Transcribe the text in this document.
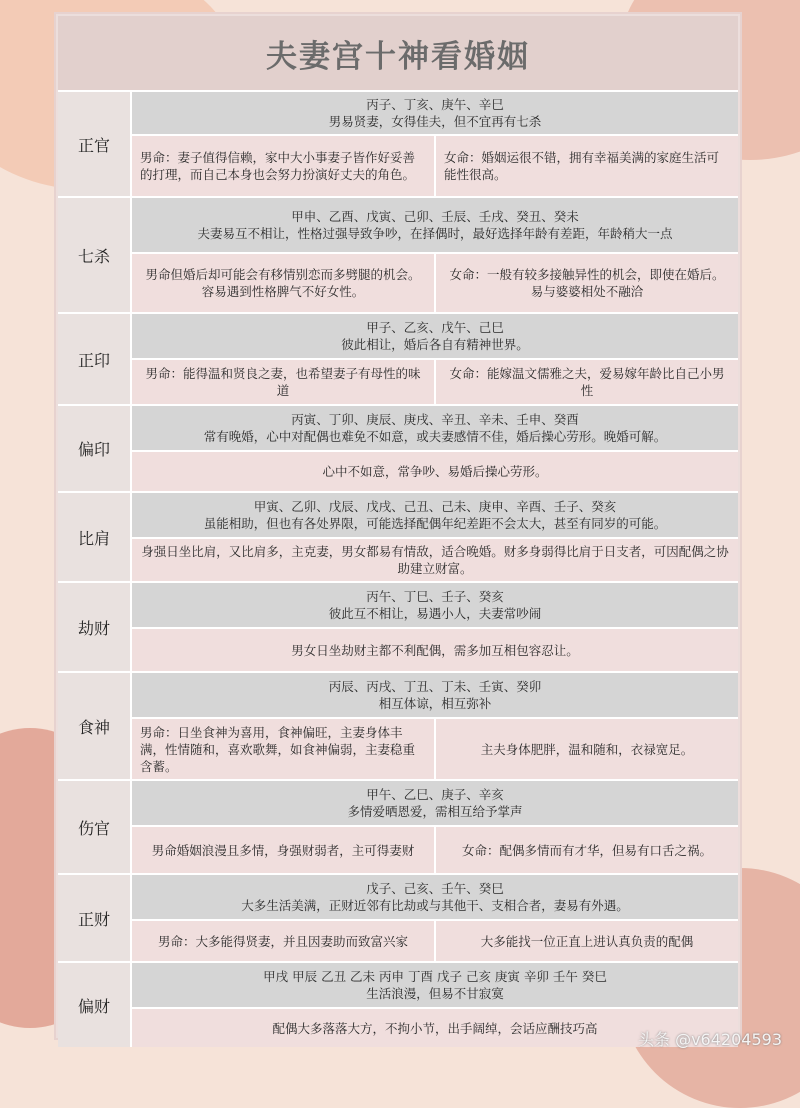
夫妻宫十神看婚姻
正官
丙子、丁亥、庚午、辛巳
男易贤妻，女得佳夫，但不宜再有七杀
男命：妻子值得信赖，家中大小事妻子皆作好妥善的打理，而自己本身也会努力扮演好丈夫的角色。
女命：婚姻运很不错，拥有幸福美满的家庭生活可能性很高。
七杀
甲申、乙酉、戊寅、己卯、壬辰、壬戌、癸丑、癸未
夫妻易互不相让，性格过强导致争吵，在择偶时，最好选择年龄有差距，年龄稍大一点
男命但婚后却可能会有移情别恋而多劈腿的机会。容易遇到性格脾气不好女性。
女命：一般有较多接触异性的机会，即使在婚后。易与婆婆相处不融洽
正印
甲子、乙亥、戊午、己巳
彼此相让，婚后各自有精神世界。
男命：能得温和贤良之妻，也希望妻子有母性的味道
女命：能嫁温文儒雅之夫，爱易嫁年龄比自己小男性
偏印
丙寅、丁卯、庚辰、庚戌、辛丑、辛未、壬申、癸酉
常有晚婚，心中对配偶也难免不如意，或夫妻感情不佳，婚后操心劳形。晚婚可解。
心中不如意，常争吵、易婚后操心劳形。
比肩
甲寅、乙卯、戊辰、戊戌、己丑、己未、庚申、辛酉、壬子、癸亥
虽能相助，但也有各处界限，可能选择配偶年纪差距不会太大，甚至有同岁的可能。
身强日坐比肩，又比肩多，主克妻，男女都易有情敌，适合晚婚。财多身弱得比肩于日支者，可因配偶之协助建立财富。
劫财
丙午、丁巳、壬子、癸亥
彼此互不相让，易遇小人，夫妻常吵闹
男女日坐劫财主都不利配偶，需多加互相包容忍让。
食神
丙辰、丙戌、丁丑、丁未、壬寅、癸卯
相互体谅，相互弥补
男命：日坐食神为喜用，食神偏旺，主妻身体丰满，性情随和，喜欢歌舞，如食神偏弱，主妻稳重含蓄。
主夫身体肥胖，温和随和，衣禄宽足。
伤官
甲午、乙巳、庚子、辛亥
多情爱晒恩爱，需相互给予掌声
男命婚姻浪漫且多情，身强财弱者，主可得妻财	女命：配偶多情而有才华，但易有口舌之祸。
正财
戊子、己亥、壬午、癸巳
大多生活美满，正财近邻有比劫或与其他干、支相合者，妻易有外遇。
男命：大多能得贤妻，并且因妻助而致富兴家	大多能找一位正直上进认真负责的配偶
偏财
甲戌 甲辰 乙丑 乙未 丙申 丁酉 戊子 己亥 庚寅 辛卯 壬午 癸巳
生活浪漫，但易不甘寂寞
配偶大多落落大方，不拘小节，出手阔绰，会话应酬技巧高
头条 @v64204593
